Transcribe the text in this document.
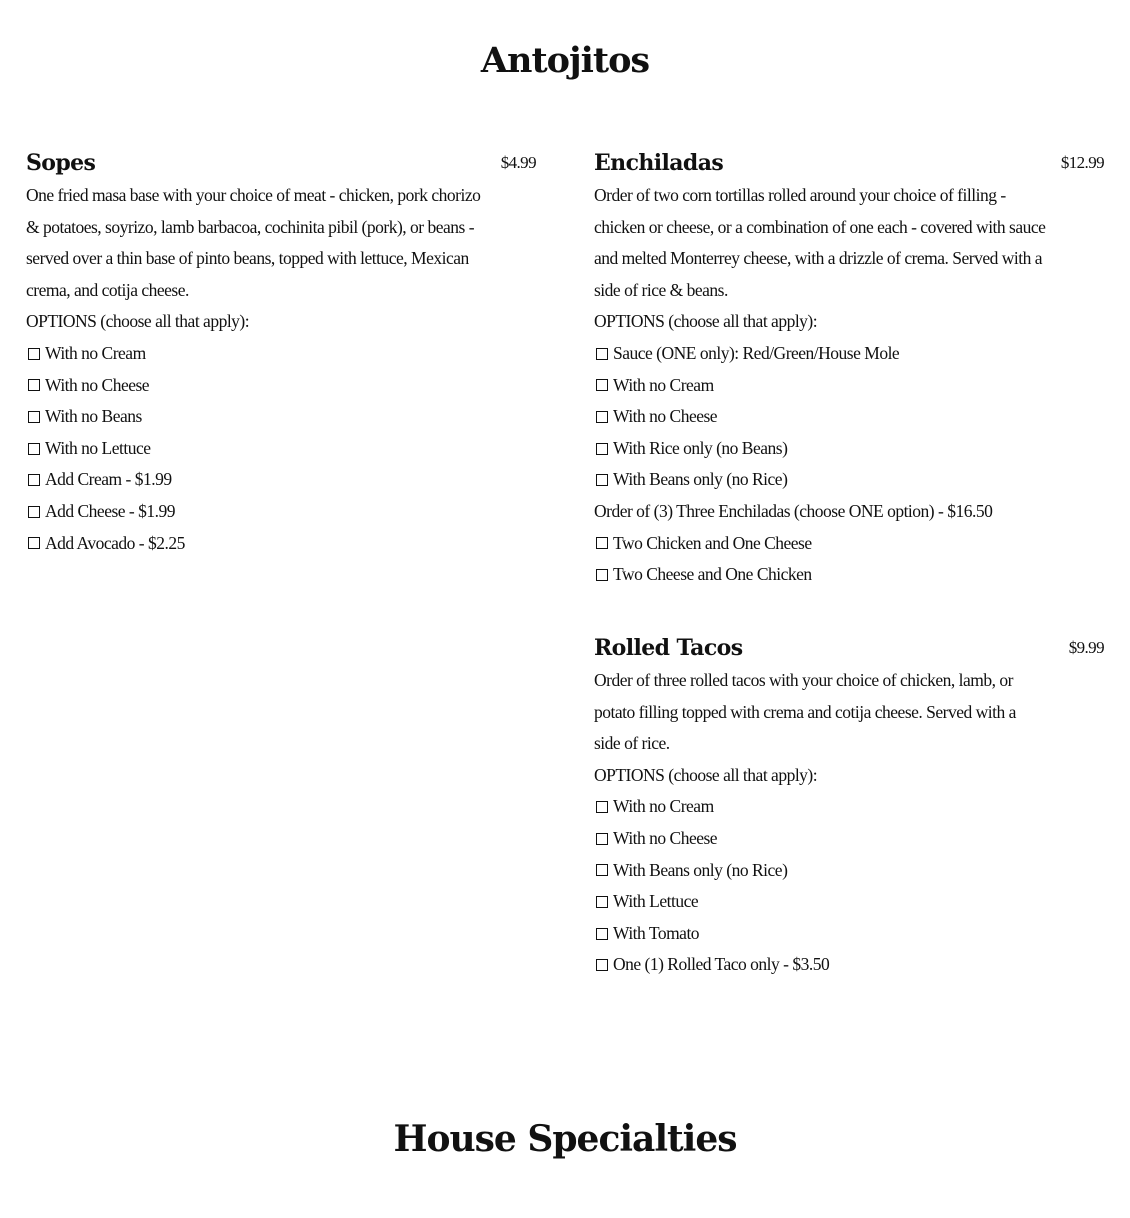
Antojitos
Sopes	$4.99
One fried masa base with your choice of meat - chicken, pork chorizo & potatoes, soyrizo, lamb barbacoa, cochinita pibil (pork), or beans - served over a thin base of pinto beans, topped with lettuce, Mexican crema, and cotija cheese.
OPTIONS (choose all that apply):
With no Cream
With no Cheese
With no Beans
With no Lettuce
Add Cream - $1.99
Add Cheese - $1.99
Add Avocado - $2.25
Enchiladas	$12.99
Order of two corn tortillas rolled around your choice of filling - chicken or cheese, or a combination of one each - covered with sauce and melted Monterrey cheese, with a drizzle of crema. Served with a side of rice & beans.
OPTIONS (choose all that apply):
Sauce (ONE only): Red/Green/House Mole
With no Cream
With no Cheese
With Rice only (no Beans)
With Beans only (no Rice)
Order of (3) Three Enchiladas (choose ONE option) - $16.50
Two Chicken and One Cheese
Two Cheese and One Chicken
Rolled Tacos	$9.99
Order of three rolled tacos with your choice of chicken, lamb, or potato filling topped with crema and cotija cheese. Served with a side of rice.
OPTIONS (choose all that apply):
With no Cream
With no Cheese
With Beans only (no Rice)
With Lettuce
With Tomato
One (1) Rolled Taco only - $3.50
House Specialties
